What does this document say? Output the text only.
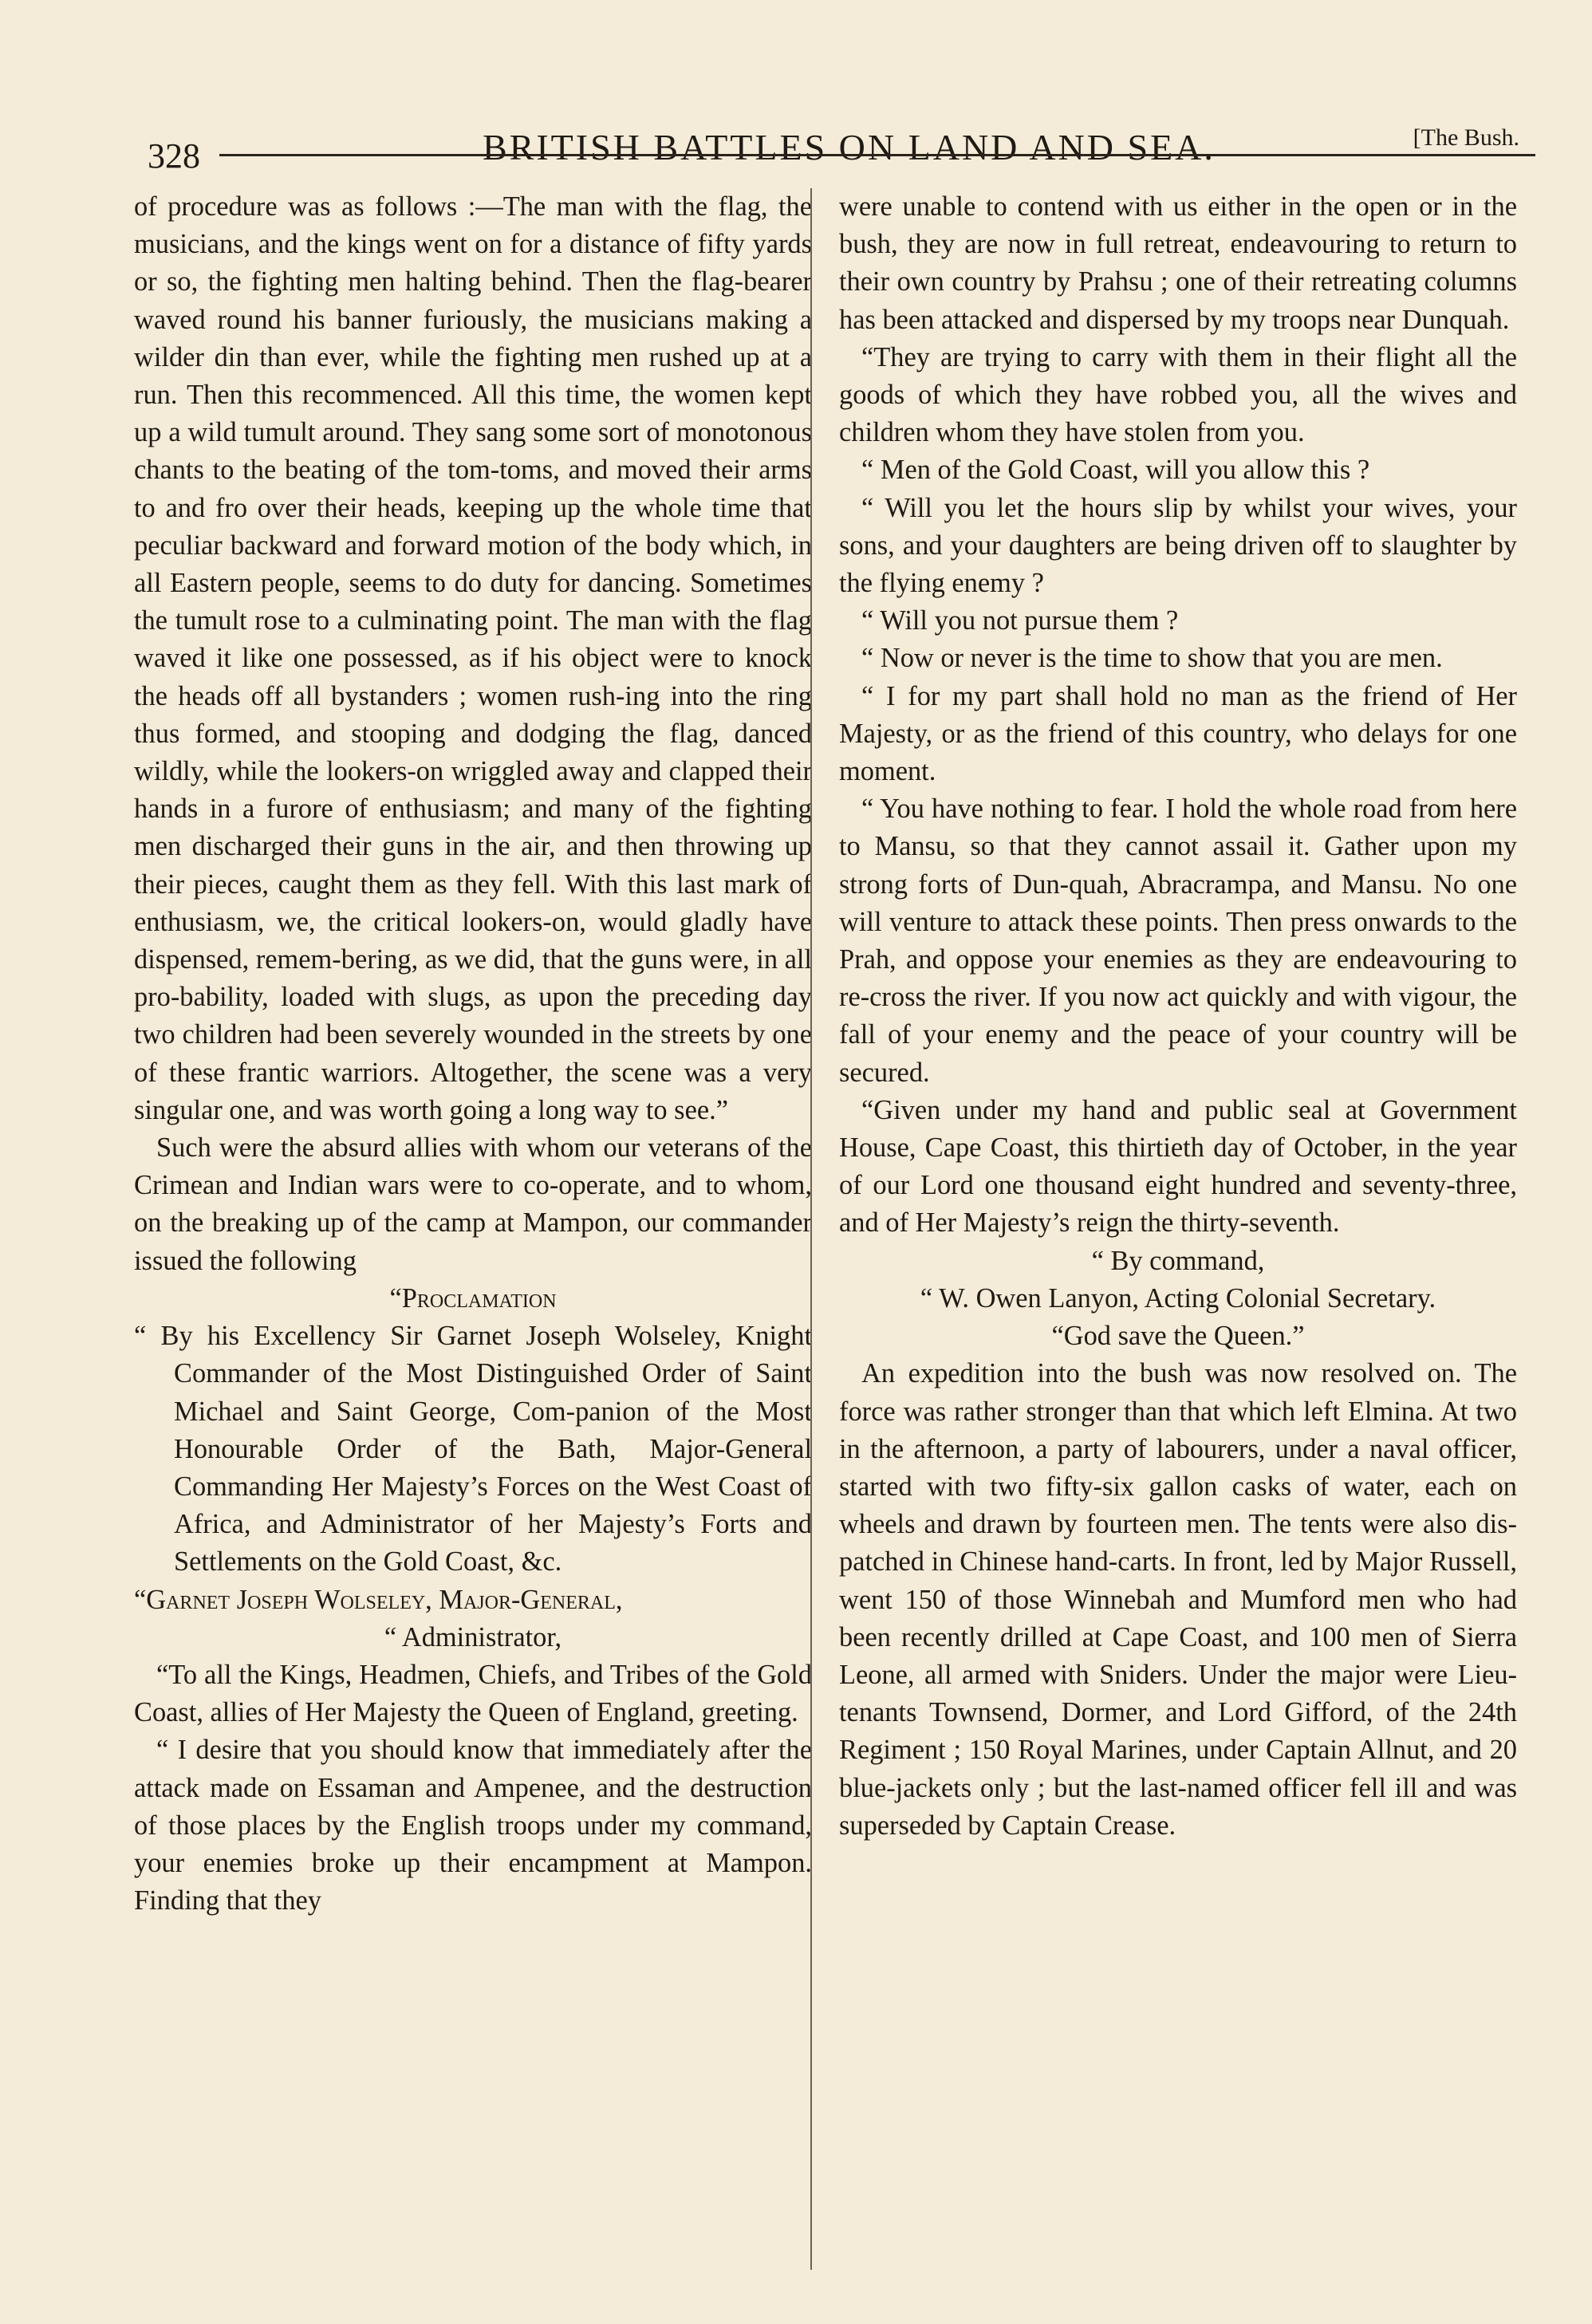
328	BRITISH BATTLES ON LAND AND SEA.	[The Bush.

of procedure was as follows :—The man with the flag, the musicians, and the kings went on for a distance of fifty yards or so, the fighting men halting behind. Then the flag-bearer waved round his banner furiously, the musicians making a wilder din than ever, while the fighting men rushed up at a run. Then this recommenced. All this time, the women kept up a wild tumult around. They sang some sort of monotonous chants to the beating of the tom-toms, and moved their arms to and fro over their heads, keeping up the whole time that peculiar backward and forward motion of the body which, in all Eastern people, seems to do duty for dancing. Sometimes the tumult rose to a culminating point. The man with the flag waved it like one possessed, as if his object were to knock the heads off all bystanders ; women rush-ing into the ring thus formed, and stooping and dodging the flag, danced wildly, while the lookers-on wriggled away and clapped their hands in a furore of enthusiasm; and many of the fighting men discharged their guns in the air, and then throwing up their pieces, caught them as they fell. With this last mark of enthusiasm, we, the critical lookers-on, would gladly have dispensed, remem-bering, as we did, that the guns were, in all pro-bability, loaded with slugs, as upon the preceding day two children had been severely wounded in the streets by one of these frantic warriors. Altogether, the scene was a very singular one, and was worth going a long way to see.”

Such were the absurd allies with whom our veterans of the Crimean and Indian wars were to co-operate, and to whom, on the breaking up of the camp at Mampon, our commander issued the following

“Proclamation

“ By his Excellency Sir Garnet Joseph Wolseley, Knight Commander of the Most Distinguished Order of Saint Michael and Saint George, Com-panion of the Most Honourable Order of the Bath, Major-General Commanding Her Majesty’s Forces on the West Coast of Africa, and Administrator of her Majesty’s Forts and Settlements on the Gold Coast, &c.

“Garnet Joseph Wolseley, Major-General,

“ Administrator,

“To all the Kings, Headmen, Chiefs, and Tribes of the Gold Coast, allies of Her Majesty the Queen of England, greeting.

“ I desire that you should know that immediately after the attack made on Essaman and Ampenee, and the destruction of those places by the English troops under my command, your enemies broke up their encampment at Mampon. Finding that they

were unable to contend with us either in the open or in the bush, they are now in full retreat, endeavouring to return to their own country by Prahsu ; one of their retreating columns has been attacked and dispersed by my troops near Dunquah.

“They are trying to carry with them in their flight all the goods of which they have robbed you, all the wives and children whom they have stolen from you.

“ Men of the Gold Coast, will you allow this ?

“ Will you let the hours slip by whilst your wives, your sons, and your daughters are being driven off to slaughter by the flying enemy ?

“ Will you not pursue them ?

“ Now or never is the time to show that you are men.

“ I for my part shall hold no man as the friend of Her Majesty, or as the friend of this country, who delays for one moment.

“ You have nothing to fear. I hold the whole road from here to Mansu, so that they cannot assail it. Gather upon my strong forts of Dun-quah, Abracrampa, and Mansu. No one will venture to attack these points. Then press onwards to the Prah, and oppose your enemies as they are endeavouring to re-cross the river. If you now act quickly and with vigour, the fall of your enemy and the peace of your country will be secured.

“Given under my hand and public seal at Government House, Cape Coast, this thirtieth day of October, in the year of our Lord one thousand eight hundred and seventy-three, and of Her Majesty’s reign the thirty-seventh.

“ By command,

“ W. Owen Lanyon, Acting Colonial Secretary.

“God save the Queen.”

An expedition into the bush was now resolved on. The force was rather stronger than that which left Elmina. At two in the afternoon, a party of labourers, under a naval officer, started with two fifty-six gallon casks of water, each on wheels and drawn by fourteen men. The tents were also dis-patched in Chinese hand-carts. In front, led by Major Russell, went 150 of those Winnebah and Mumford men who had been recently drilled at Cape Coast, and 100 men of Sierra Leone, all armed with Sniders. Under the major were Lieu-tenants Townsend, Dormer, and Lord Gifford, of the 24th Regiment ; 150 Royal Marines, under Captain Allnut, and 20 blue-jackets only ; but the last-named officer fell ill and was superseded by Captain Crease.
